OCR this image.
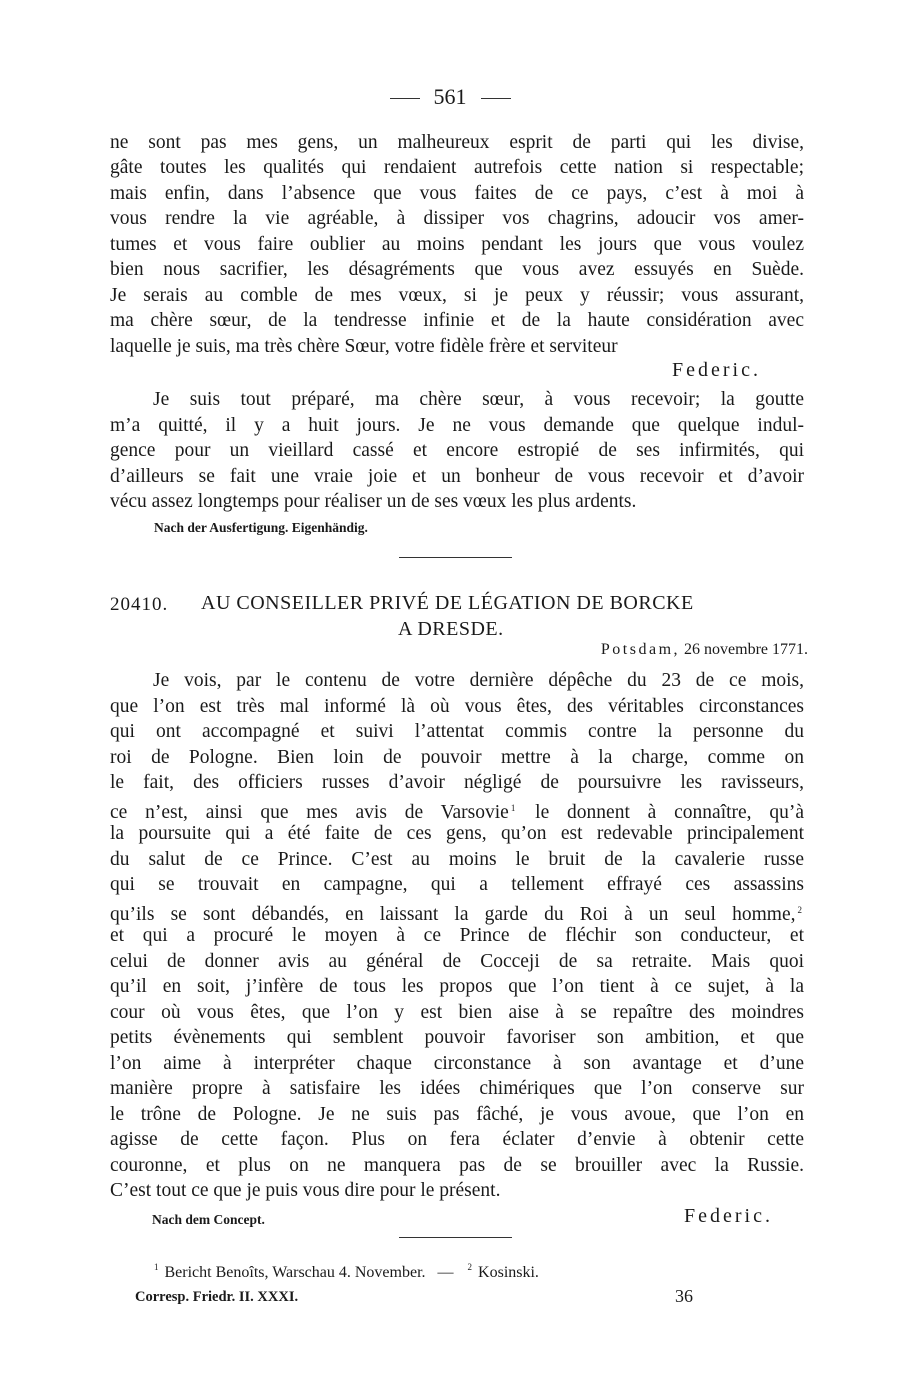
561
ne sont pas mes gens, un malheureux esprit de parti qui les divise,
gâte toutes les qualités qui rendaient autrefois cette nation si respectable;
mais enfin, dans l’absence que vous faites de ce pays, c’est à moi à
vous rendre la vie agréable, à dissiper vos chagrins, adoucir vos amer-
tumes et vous faire oublier au moins pendant les jours que vous voulez
bien nous sacrifier, les désagréments que vous avez essuyés en Suède.
Je serais au comble de mes vœux, si je peux y réussir; vous assurant,
ma chère sœur, de la tendresse infinie et de la haute considération avec
laquelle je suis, ma très chère Sœur, votre fidèle frère et serviteur
Federic.
Je suis tout préparé, ma chère sœur, à vous recevoir; la goutte
m’a quitté, il y a huit jours. Je ne vous demande que quelque indul-
gence pour un vieillard cassé et encore estropié de ses infirmités, qui
d’ailleurs se fait une vraie joie et un bonheur de vous recevoir et d’avoir
vécu assez longtemps pour réaliser un de ses vœux les plus ardents.
Nach der Ausfertigung. Eigenhändig.
20410. AU CONSEILLER PRIVÉ DE LÉGATION DE BORCKE
A DRESDE.
Potsdam, 26 novembre 1771.
Je vois, par le contenu de votre dernière dépêche du 23 de ce mois,
que l’on est très mal informé là où vous êtes, des véritables circonstances
qui ont accompagné et suivi l’attentat commis contre la personne du
roi de Pologne. Bien loin de pouvoir mettre à la charge, comme on
le fait, des officiers russes d’avoir négligé de poursuivre les ravisseurs,
ce n’est, ainsi que mes avis de Varsovie $^1$ le donnent à connaître, qu’à
la poursuite qui a été faite de ces gens, qu’on est redevable principalement
du salut de ce Prince. C’est au moins le bruit de la cavalerie russe
qui se trouvait en campagne, qui a tellement effrayé ces assassins
qu’ils se sont débandés, en laissant la garde du Roi à un seul homme, $^2$
et qui a procuré le moyen à ce Prince de fléchir son conducteur, et
celui de donner avis au général de Cocceji de sa retraite. Mais quoi
qu’il en soit, j’infère de tous les propos que l’on tient à ce sujet, à la
cour où vous êtes, que l’on y est bien aise à se repaître des moindres
petits évènements qui semblent pouvoir favoriser son ambition, et que
l’on aime à interpréter chaque circonstance à son avantage et d’une
manière propre à satisfaire les idées chimériques que l’on conserve sur
le trône de Pologne. Je ne suis pas fâché, je vous avoue, que l’on en
agisse de cette façon. Plus on fera éclater d’envie à obtenir cette
couronne, et plus on ne manquera pas de se brouiller avec la Russie.
C’est tout ce que je puis vous dire pour le présent.
Nach dem Concept.	Federic.
$^1$ Bericht Benoîts, Warschau 4. November. — $^2$ Kosinski.
Corresp. Friedr. II. XXXI.	36
